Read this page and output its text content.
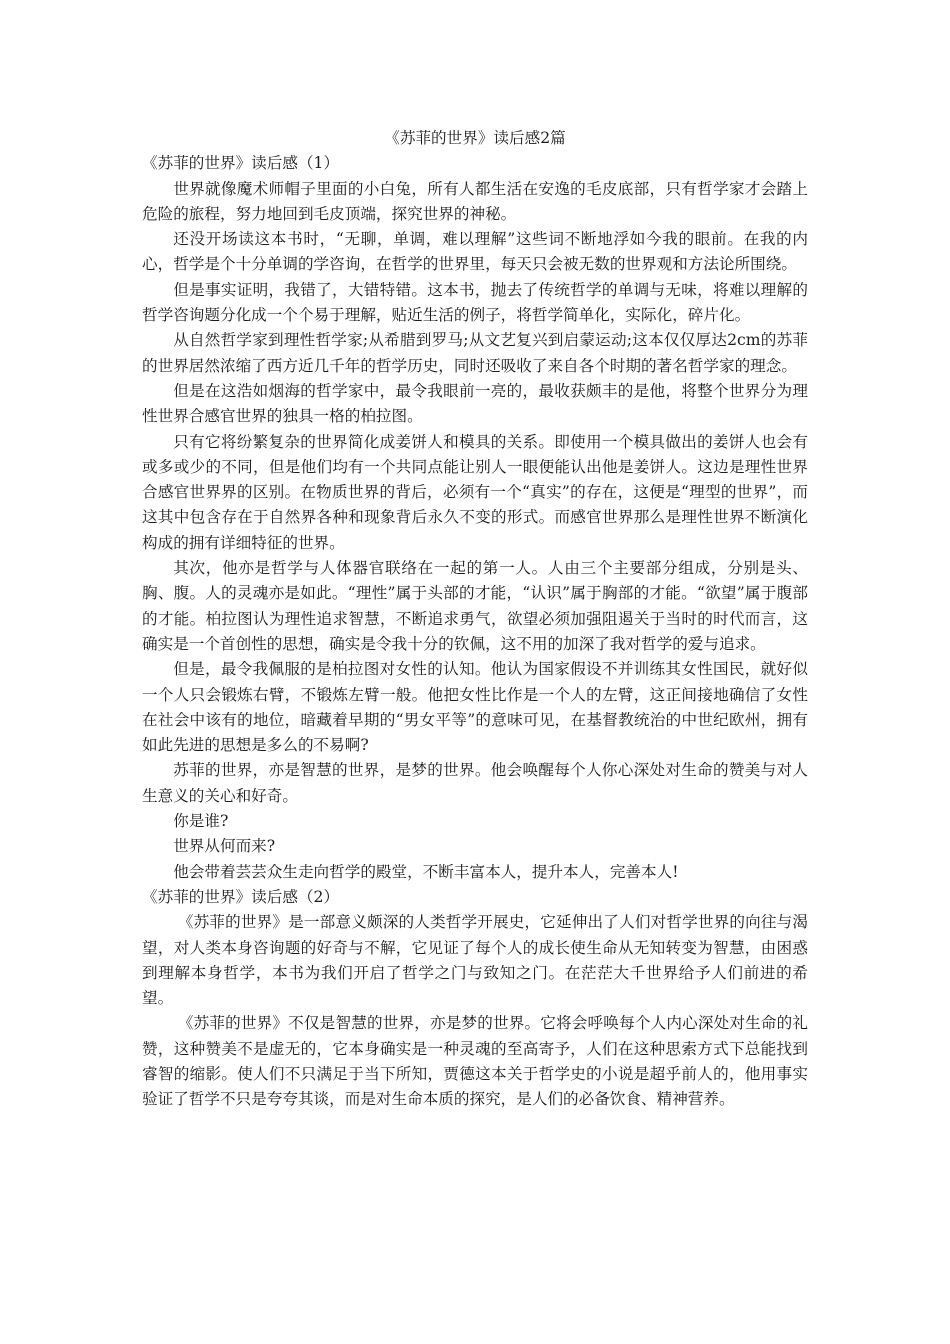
《苏菲的世界》读后感2篇
《苏菲的世界》读后感（1）

世界就像魔术师帽子里面的小白兔，所有人都生活在安逸的毛皮底部，只有哲学家才会踏上危险的旅程，努力地回到毛皮顶端，探究世界的神秘。

还没开场读这本书时，“无聊，单调，难以理解”这些词不断地浮如今我的眼前。在我的内心，哲学是个十分单调的学咨询，在哲学的世界里，每天只会被无数的世界观和方法论所围绕。

但是事实证明，我错了，大错特错。这本书，抛去了传统哲学的单调与无味，将难以理解的哲学咨询题分化成一个个易于理解，贴近生活的例子，将哲学简单化，实际化，碎片化。

从自然哲学家到理性哲学家;从希腊到罗马;从文艺复兴到启蒙运动;这本仅仅厚达2cm的苏菲的世界居然浓缩了西方近几千年的哲学历史，同时还吸收了来自各个时期的著名哲学家的理念。

但是在这浩如烟海的哲学家中，最令我眼前一亮的，最收获颇丰的是他，将整个世界分为理性世界合感官世界的独具一格的柏拉图。

只有它将纷繁复杂的世界简化成姜饼人和模具的关系。即使用一个模具做出的姜饼人也会有或多或少的不同，但是他们均有一个共同点能让别人一眼便能认出他是姜饼人。这边是理性世界合感官世界界的区别。在物质世界的背后，必须有一个“真实”的存在，这便是“理型的世界”，而这其中包含存在于自然界各种和现象背后永久不变的形式。而感官世界那么是理性世界不断演化构成的拥有详细特征的世界。

其次，他亦是哲学与人体器官联络在一起的第一人。人由三个主要部分组成，分别是头、胸、腹。人的灵魂亦是如此。“理性”属于头部的才能，“认识”属于胸部的才能。“欲望”属于腹部的才能。柏拉图认为理性追求智慧，不断追求勇气，欲望必须加强阻遏关于当时的时代而言，这确实是一个首创性的思想，确实是令我十分的钦佩，这不用的加深了我对哲学的爱与追求。

但是，最令我佩服的是柏拉图对女性的认知。他认为国家假设不并训练其女性国民，就好似一个人只会锻炼右臂，不锻炼左臂一般。他把女性比作是一个人的左臂，这正间接地确信了女性在社会中该有的地位，暗藏着早期的“男女平等”的意味可见，在基督教统治的中世纪欧州，拥有如此先进的思想是多么的不易啊?

苏菲的世界，亦是智慧的世界，是梦的世界。他会唤醒每个人你心深处对生命的赞美与对人生意义的关心和好奇。

你是谁?

世界从何而来?

他会带着芸芸众生走向哲学的殿堂，不断丰富本人，提升本人，完善本人!

《苏菲的世界》读后感（2）

《苏菲的世界》是一部意义颇深的人类哲学开展史，它延伸出了人们对哲学世界的向往与渴望，对人类本身咨询题的好奇与不解，它见证了每个人的成长使生命从无知转变为智慧，由困惑到理解本身哲学，本书为我们开启了哲学之门与致知之门。在茫茫大千世界给予人们前进的希望。

《苏菲的世界》不仅是智慧的世界，亦是梦的世界。它将会呼唤每个人内心深处对生命的礼赞，这种赞美不是虚无的，它本身确实是一种灵魂的至高寄予，人们在这种思索方式下总能找到睿智的缩影。使人们不只满足于当下所知，贾德这本关于哲学史的小说是超乎前人的，他用事实验证了哲学不只是夸夸其谈，而是对生命本质的探究，是人们的必备饮食、精神营养。
